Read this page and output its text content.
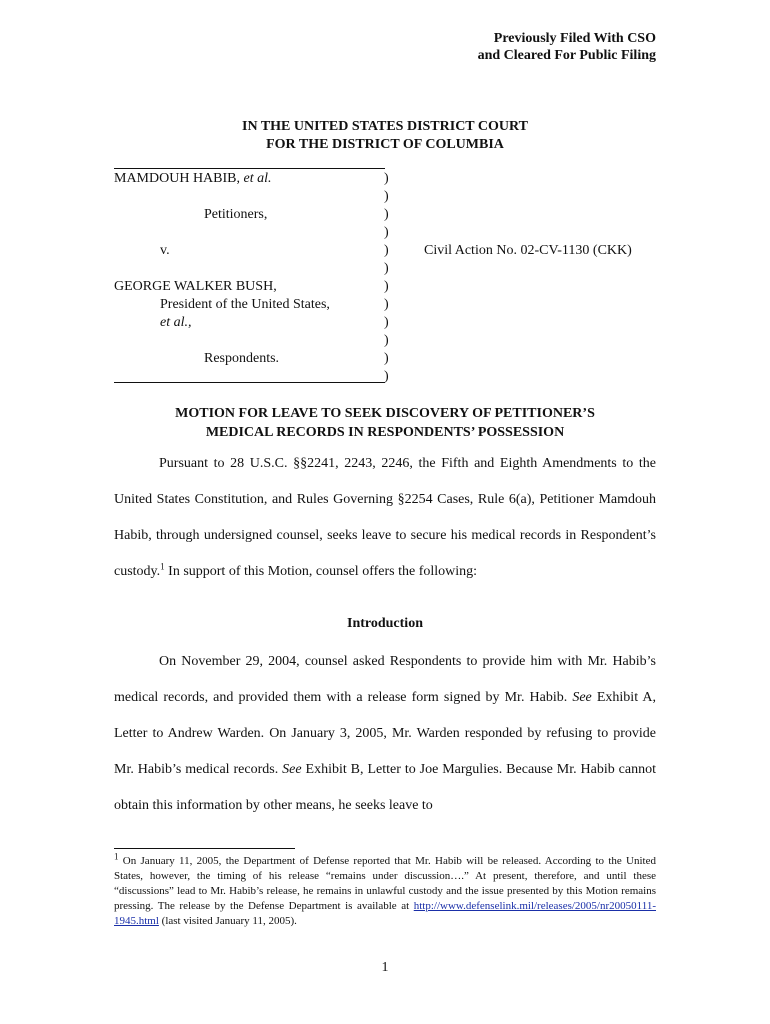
Previously Filed With CSO
and Cleared For Public Filing
IN THE UNITED STATES DISTRICT COURT
FOR THE DISTRICT OF COLUMBIA
MAMDOUH HABIB, et al.
Petitioners,
v.
GEORGE WALKER BUSH,
President of the United States,
et al.,
Respondents.
Civil Action No. 02-CV-1130 (CKK)
)
)
)
)
)
)
)
)
)
)
)
)
MOTION FOR LEAVE TO SEEK DISCOVERY OF PETITIONER’S
MEDICAL RECORDS IN RESPONDENTS’ POSSESSION
Pursuant to 28 U.S.C. §§2241, 2243, 2246, the Fifth and Eighth Amendments to the United States Constitution, and Rules Governing §2254 Cases, Rule 6(a), Petitioner Mamdouh Habib, through undersigned counsel, seeks leave to secure his medical records in Respondent’s custody.$^1$ In support of this Motion, counsel offers the following:
Introduction
On November 29, 2004, counsel asked Respondents to provide him with Mr. Habib’s medical records, and provided them with a release form signed by Mr. Habib. See Exhibit A, Letter to Andrew Warden. On January 3, 2005, Mr. Warden responded by refusing to provide Mr. Habib’s medical records. See Exhibit B, Letter to Joe Margulies. Because Mr. Habib cannot obtain this information by other means, he seeks leave to
$^1$ On January 11, 2005, the Department of Defense reported that Mr. Habib will be released. According to the United States, however, the timing of his release “remains under discussion….” At present, therefore, and until these “discussions” lead to Mr. Habib’s release, he remains in unlawful custody and the issue presented by this Motion remains pressing. The release by the Defense Department is available at http://www.defenselink.mil/releases/2005/nr20050111-1945.html (last visited January 11, 2005).
1
